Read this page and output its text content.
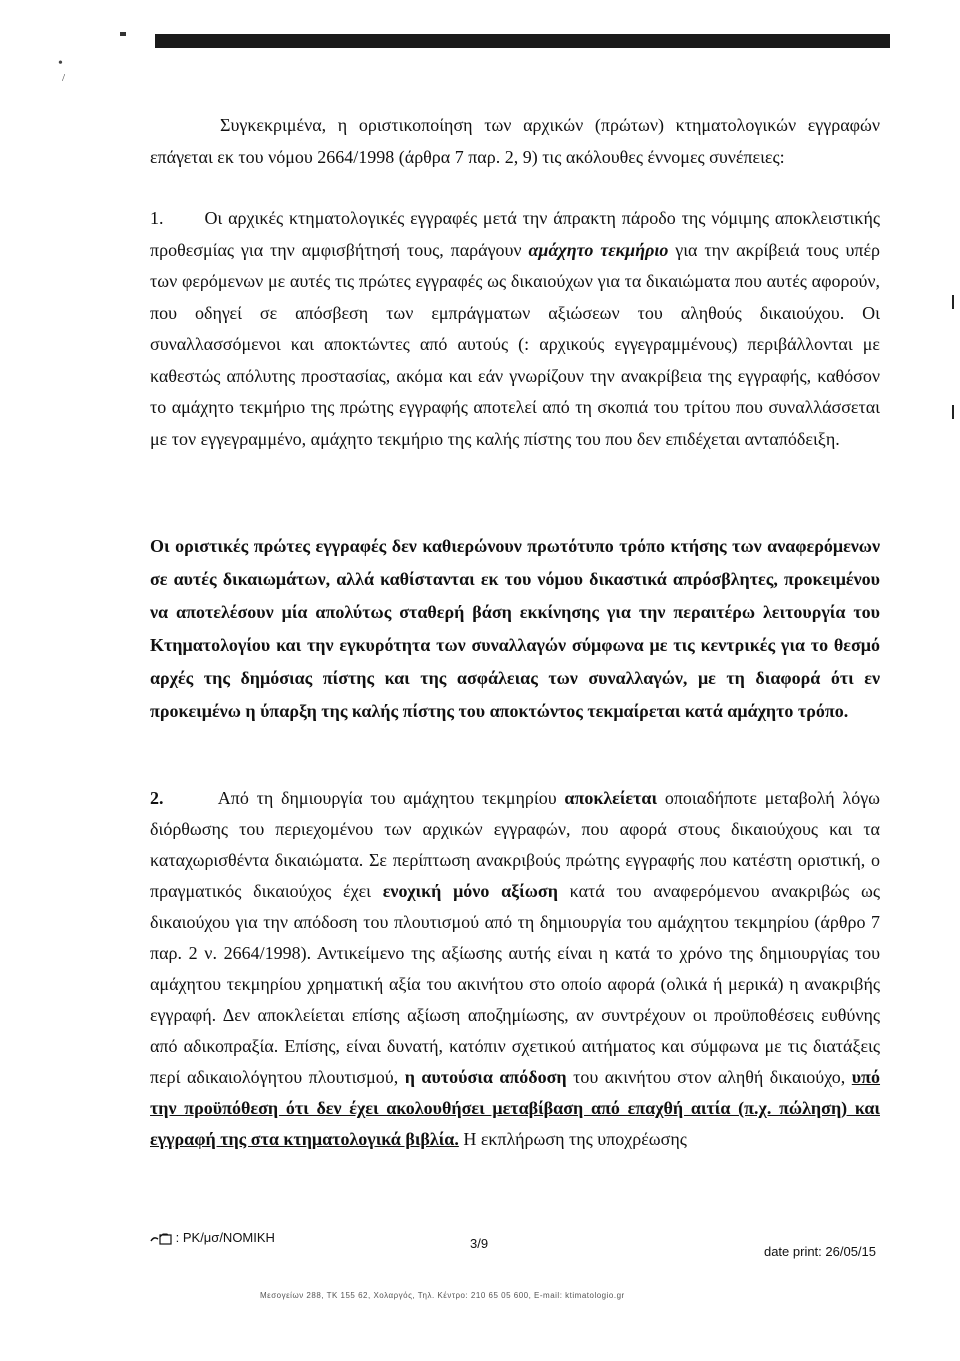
•
/

Συγκεκριμένα, η οριστικοποίηση των αρχικών (πρώτων) κτηματολογικών εγγραφών επάγεται εκ του νόμου 2664/1998 (άρθρα 7 παρ. 2, 9) τις ακόλουθες έννομες συνέπειες:

1. Οι αρχικές κτηματολογικές εγγραφές μετά την άπρακτη πάροδο της νόμιμης αποκλειστικής προθεσμίας για την αμφισβήτησή τους, παράγουν αμάχητο τεκμήριο για την ακρίβειά τους υπέρ των φερόμενων με αυτές τις πρώτες εγγραφές ως δικαιούχων για τα δικαιώματα που αυτές αφορούν, που οδηγεί σε απόσβεση των εμπράγματων αξιώσεων του αληθούς δικαιούχου. Οι συναλλασσόμενοι και αποκτώντες από αυτούς (: αρχικούς εγγεγραμμένους) περιβάλλονται με καθεστώς απόλυτης προστασίας, ακόμα και εάν γνωρίζουν την ανακρίβεια της εγγραφής, καθόσον το αμάχητο τεκμήριο της πρώτης εγγραφής αποτελεί από τη σκοπιά του τρίτου που συναλλάσσεται με τον εγγεγραμμένο, αμάχητο τεκμήριο της καλής πίστης του που δεν επιδέχεται ανταπόδειξη.

Οι οριστικές πρώτες εγγραφές δεν καθιερώνουν πρωτότυπο τρόπο κτήσης των αναφερόμενων σε αυτές δικαιωμάτων, αλλά καθίστανται εκ του νόμου δικαστικά απρόσβλητες, προκειμένου να αποτελέσουν μία απολύτως σταθερή βάση εκκίνησης για την περαιτέρω λειτουργία του Κτηματολογίου και την εγκυρότητα των συναλλαγών σύμφωνα με τις κεντρικές για το θεσμό αρχές της δημόσιας πίστης και της ασφάλειας των συναλλαγών, με τη διαφορά ότι εν προκειμένω η ύπαρξη της καλής πίστης του αποκτώντος τεκμαίρεται κατά αμάχητο τρόπο.

2.	Από τη δημιουργία του αμάχητου τεκμηρίου αποκλείεται οποιαδήποτε μεταβολή λόγω διόρθωσης του περιεχομένου των αρχικών εγγραφών, που αφορά στους δικαιούχους και τα καταχωρισθέντα δικαιώματα. Σε περίπτωση ανακριβούς πρώτης εγγραφής που κατέστη οριστική, ο πραγματικός δικαιούχος έχει ενοχική μόνο αξίωση κατά του αναφερόμενου ανακριβώς ως δικαιούχου για την απόδοση του πλουτισμού από τη δημιουργία του αμάχητου τεκμηρίου (άρθρο 7 παρ. 2 ν. 2664/1998). Αντικείμενο της αξίωσης αυτής είναι η κατά το χρόνο της δημιουργίας του αμάχητου τεκμηρίου χρηματική αξία του ακινήτου στο οποίο αφορά (ολικά ή μερικά) η ανακριβής εγγραφή. Δεν αποκλείεται επίσης αξίωση αποζημίωσης, αν συντρέχουν οι προϋποθέσεις ευθύνης από αδικοπραξία. Επίσης, είναι δυνατή, κατόπιν σχετικού αιτήματος και σύμφωνα με τις διατάξεις περί αδικαιολόγητου πλουτισμού, η αυτούσια απόδοση του ακινήτου στον αληθή δικαιούχο, υπό την προϋπόθεση ότι δεν έχει ακολουθήσει μεταβίβαση από επαχθή αιτία (π.χ. πώληση) και εγγραφή της στα κτηματολογικά βιβλία. Η εκπλήρωση της υποχρέωσης

: PK/μσ/NOMIKH	3/9
date print: 26/05/15
Μεσογείων 288, ΤΚ 155 62, Χολαργός, Τηλ. Κέντρο: 210 65 05 600, E-mail: ktimatologio.gr
